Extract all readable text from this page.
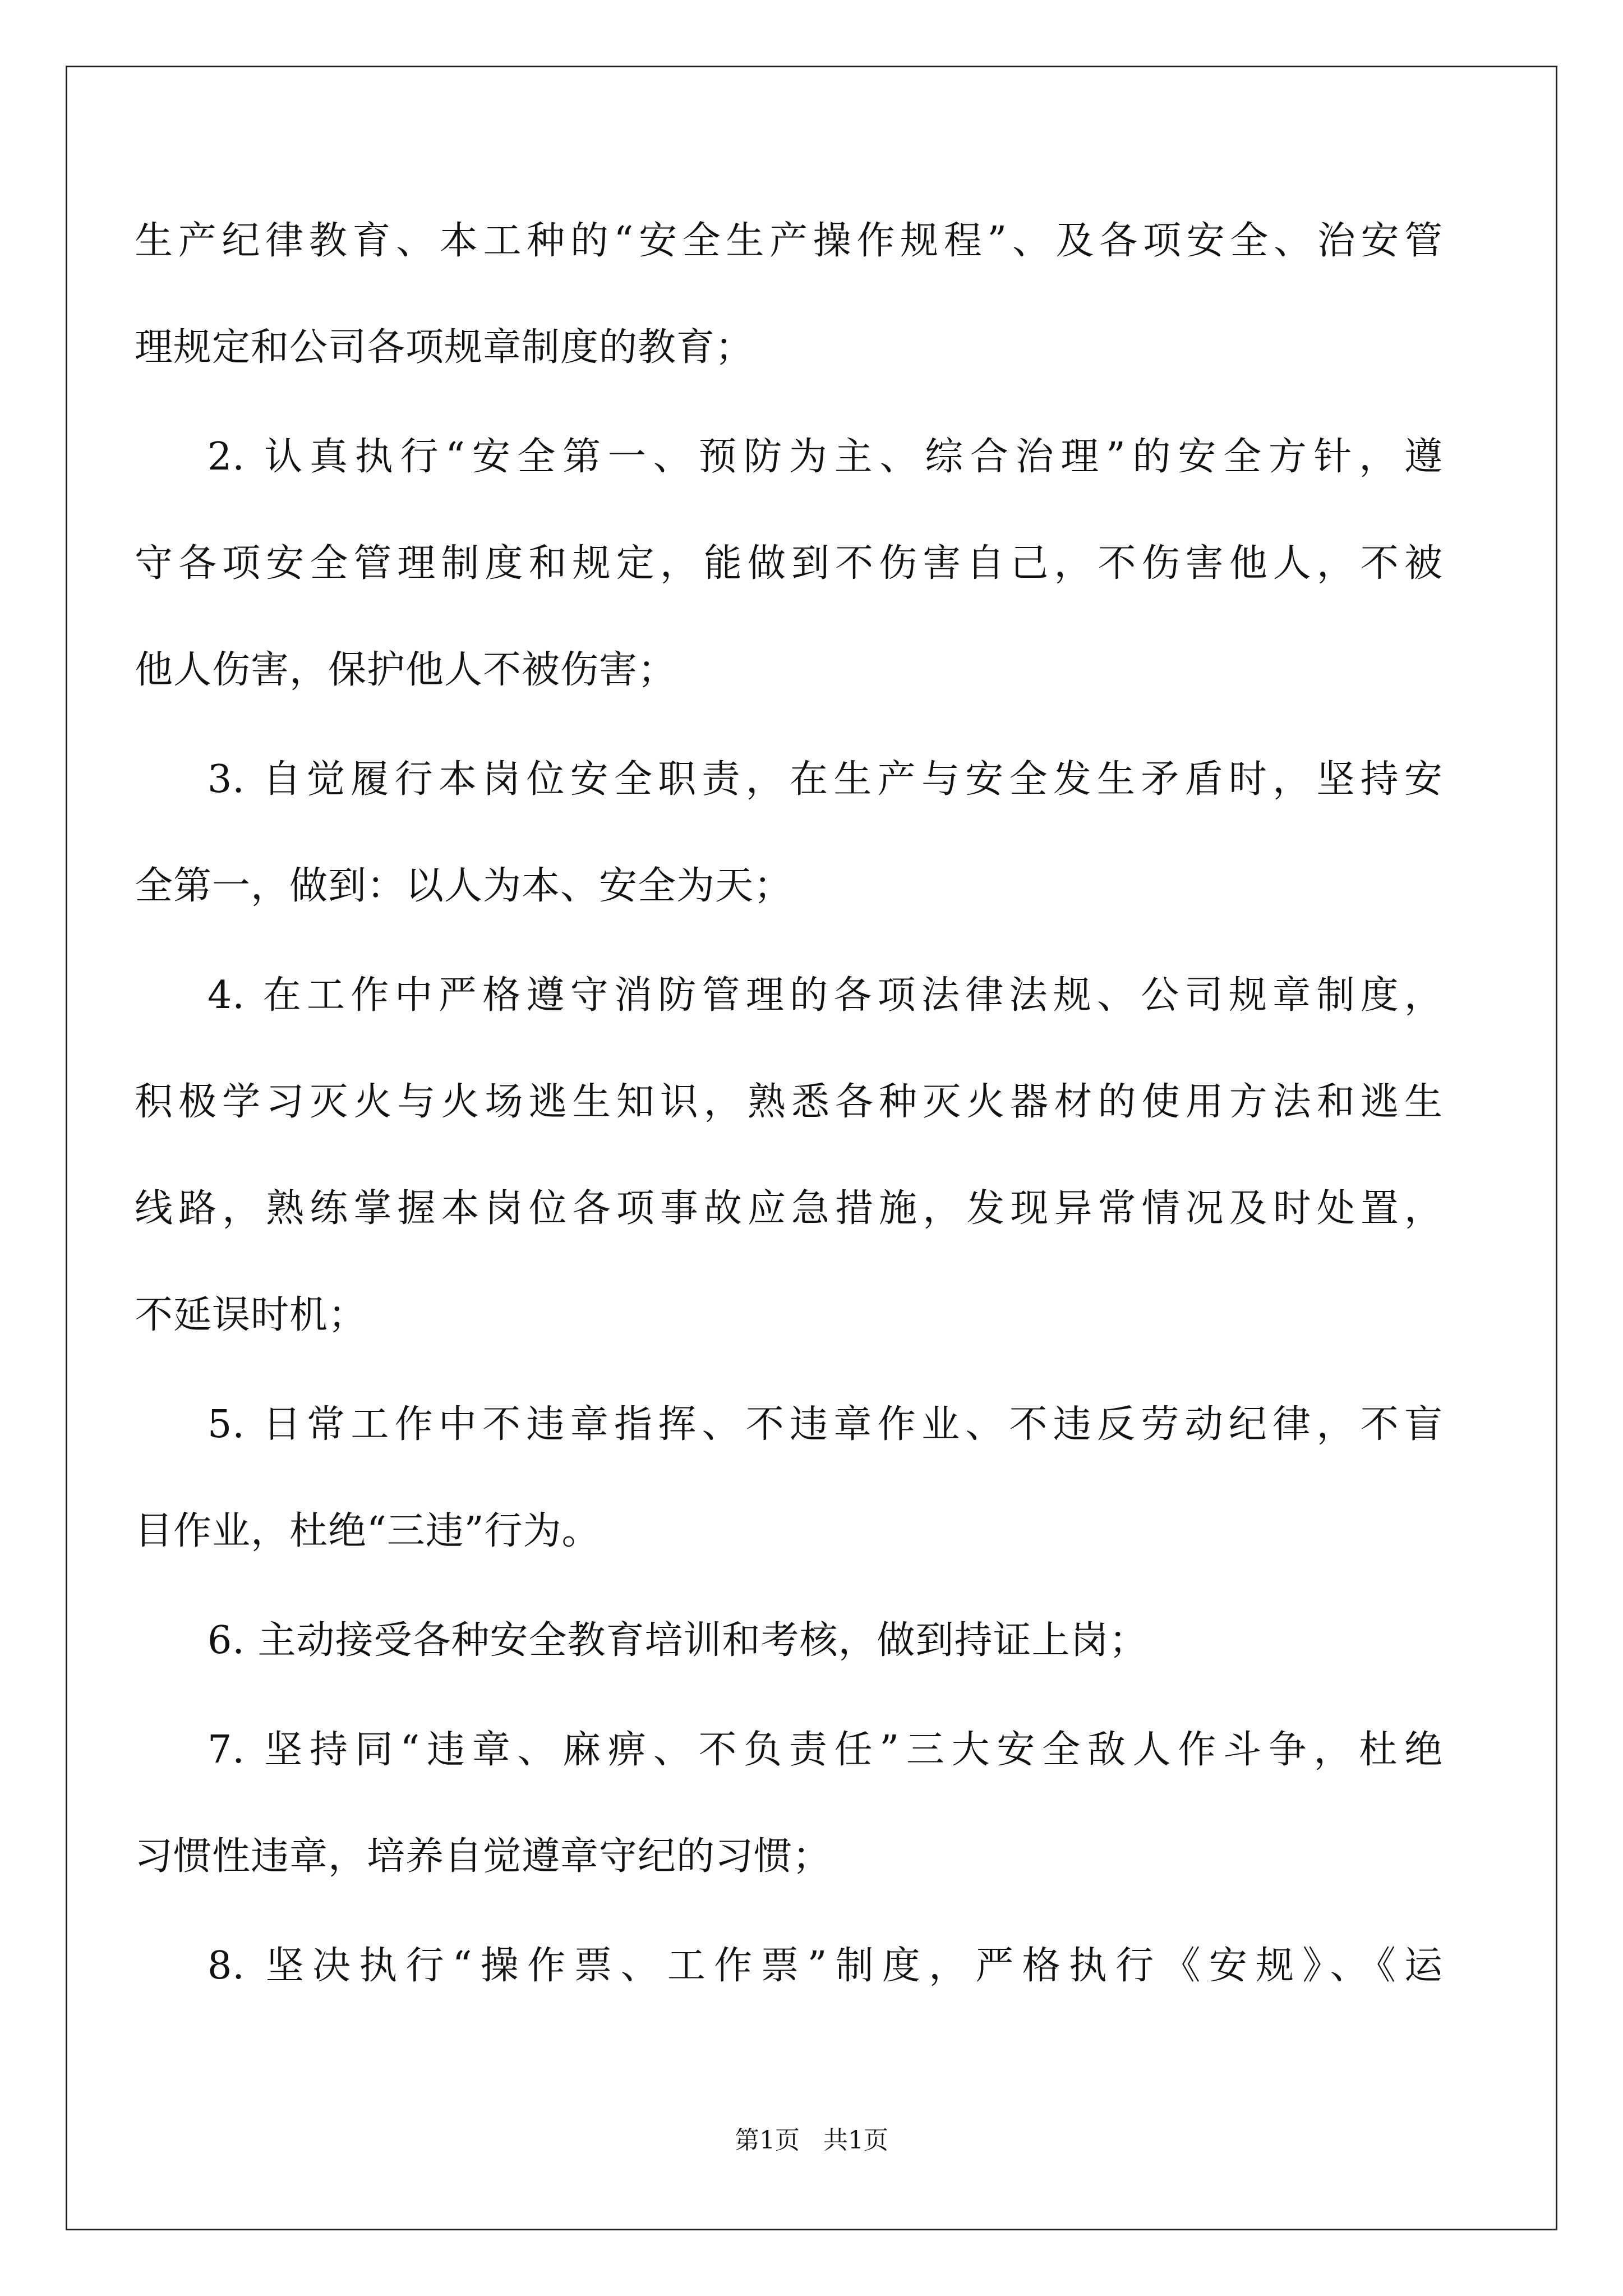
生产纪律教育、本工种的“安全生产操作规程”、及各项安全、治安管
理规定和公司各项规章制度的教育；
2. 认真执行“安全第一、预防为主、综合治理”的安全方针，遵
守各项安全管理制度和规定，能做到不伤害自己，不伤害他人，不被
他人伤害，保护他人不被伤害；
3. 自觉履行本岗位安全职责，在生产与安全发生矛盾时，坚持安
全第一，做到：以人为本、安全为天；
4. 在工作中严格遵守消防管理的各项法律法规、公司规章制度，
积极学习灭火与火场逃生知识，熟悉各种灭火器材的使用方法和逃生
线路，熟练掌握本岗位各项事故应急措施，发现异常情况及时处置，
不延误时机；
5. 日常工作中不违章指挥、不违章作业、不违反劳动纪律，不盲
目作业，杜绝“三违”行为。
6. 主动接受各种安全教育培训和考核，做到持证上岗；
7. 坚持同“违章、麻痹、不负责任”三大安全敌人作斗争，杜绝
习惯性违章，培养自觉遵章守纪的习惯；
8. 坚决执行“操作票、工作票”制度，严格执行《安规》、《运
第1页   共1页
